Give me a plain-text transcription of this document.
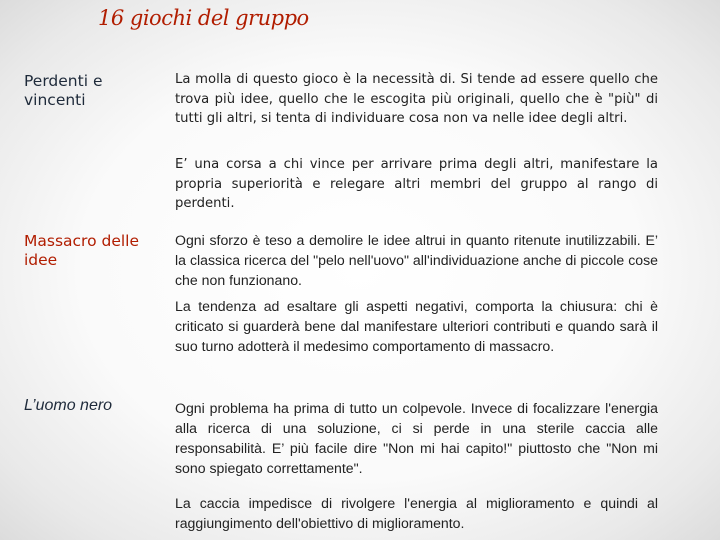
16 giochi del gruppo
Perdenti e vincenti

La molla di questo gioco è la necessità di. Si tende ad essere quello che trova più idee, quello che le escogita più originali, quello che è "più" di tutti gli altri, si tenta di individuare cosa non va nelle idee degli altri.

E’ una corsa a chi vince per arrivare prima degli altri, manifestare la propria superiorità e relegare altri membri del gruppo al rango di perdenti.

Massacro delle idee

Ogni sforzo è teso a demolire le idee altrui in quanto ritenute inutilizzabili. E’ la classica ricerca del "pelo nell'uovo" all'individuazione anche di piccole cose che non funzionano.

La tendenza ad esaltare gli aspetti negativi, comporta la chiusura: chi è criticato si guarderà bene dal manifestare ulteriori contributi e quando sarà il suo turno adotterà il medesimo comportamento di massacro.

L’uomo nero	Ogni problema ha prima di tutto un colpevole. Invece di focalizzare l'energia alla ricerca di una soluzione, ci si perde in una sterile caccia alle responsabilità. E’ più facile dire "Non mi hai capito!" piuttosto che "Non mi sono spiegato correttamente".

La caccia impedisce di rivolgere l'energia al miglioramento e quindi al raggiungimento dell'obiettivo di miglioramento.
